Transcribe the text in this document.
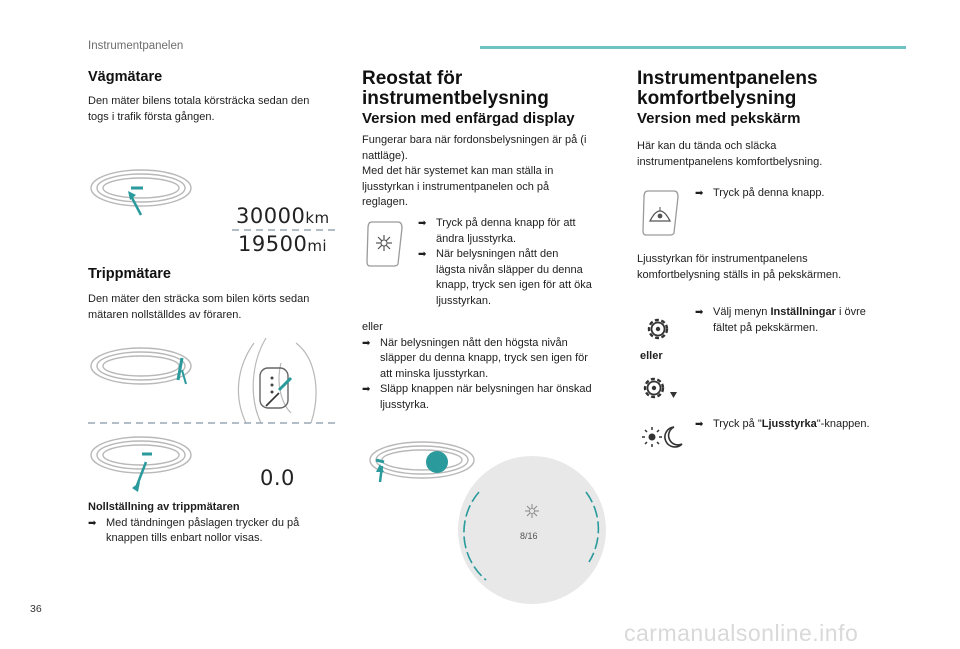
Instrumentpanelen
Vägmätare
Den mäter bilens totala körsträcka sedan den
togs i trafik första gången.
30000km
19500mi
Trippmätare
Den mäter den sträcka som bilen körts sedan
mätaren nollställdes av föraren.
0.0
Nollställning av trippmätaren
➡ Med tändningen påslagen trycker du på
knappen tills enbart nollor visas.
Reostat för
instrumentbelysning
Version med enfärgad display
Fungerar bara när fordonsbelysningen är på (i
nattläge).
Med det här systemet kan man ställa in
ljusstyrkan i instrumentpanelen och på
reglagen.
➡ Tryck på denna knapp för att
ändra ljusstyrka.
➡ När belysningen nått den
lägsta nivån släpper du denna
knapp, tryck sen igen för att öka
ljusstyrkan.
eller
➡ När belysningen nått den högsta nivån
släpper du denna knapp, tryck sen igen för
att minska ljusstyrkan.
➡ Släpp knappen när belysningen har önskad
ljusstyrka.
8/16
Instrumentpanelens
komfortbelysning
Version med pekskärm
Här kan du tända och släcka
instrumentpanelens komfortbelysning.
➡ Tryck på denna knapp.
Ljusstyrkan för instrumentpanelens
komfortbelysning ställs in på pekskärmen.
➡ Välj menyn Inställningar i övre
fältet på pekskärmen.
eller
➡ Tryck på "Ljusstyrka"-knappen.
36
carmanualsonline.info
